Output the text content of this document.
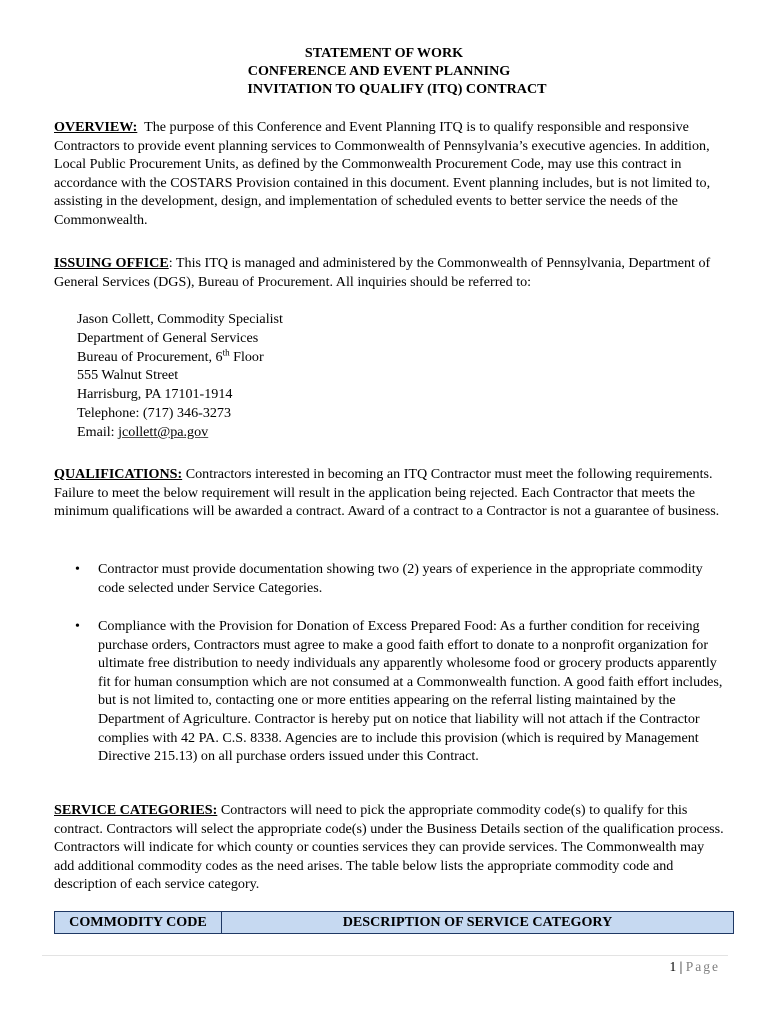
STATEMENT OF WORK
CONFERENCE AND EVENT PLANNING
INVITATION TO QUALIFY (ITQ) CONTRACT

OVERVIEW: The purpose of this Conference and Event Planning ITQ is to qualify responsible and responsive Contractors to provide event planning services to Commonwealth of Pennsylvania’s executive agencies. In addition, Local Public Procurement Units, as defined by the Commonwealth Procurement Code, may use this contract in accordance with the COSTARS Provision contained in this document. Event planning includes, but is not limited to, assisting in the development, design, and implementation of scheduled events to better service the needs of the Commonwealth.

ISSUING OFFICE: This ITQ is managed and administered by the Commonwealth of Pennsylvania, Department of General Services (DGS), Bureau of Procurement. All inquiries should be referred to:

Jason Collett, Commodity Specialist
Department of General Services
Bureau of Procurement, 6th Floor
555 Walnut Street
Harrisburg, PA 17101-1914
Telephone: (717) 346-3273
Email: jcollett@pa.gov

QUALIFICATIONS: Contractors interested in becoming an ITQ Contractor must meet the following requirements. Failure to meet the below requirement will result in the application being rejected. Each Contractor that meets the minimum qualifications will be awarded a contract. Award of a contract to a Contractor is not a guarantee of business.

•	Contractor must provide documentation showing two (2) years of experience in the appropriate commodity code selected under Service Categories.
•	Compliance with the Provision for Donation of Excess Prepared Food: As a further condition for receiving purchase orders, Contractors must agree to make a good faith effort to donate to a nonprofit organization for ultimate free distribution to needy individuals any apparently wholesome food or grocery products apparently fit for human consumption which are not consumed at a Commonwealth function. A good faith effort includes, but is not limited to, contacting one or more entities appearing on the referral listing maintained by the Department of Agriculture. Contractor is hereby put on notice that liability will not attach if the Contractor complies with 42 PA. C.S. 8338. Agencies are to include this provision (which is required by Management Directive 215.13) on all purchase orders issued under this Contract.

SERVICE CATEGORIES: Contractors will need to pick the appropriate commodity code(s) to qualify for this contract. Contractors will select the appropriate code(s) under the Business Details section of the qualification process. Contractors will indicate for which county or counties services they can provide services. The Commonwealth may add additional commodity codes as the need arises. The table below lists the appropriate commodity code and description of each service category.

COMMODITY CODE	DESCRIPTION OF SERVICE CATEGORY
1 | Page
